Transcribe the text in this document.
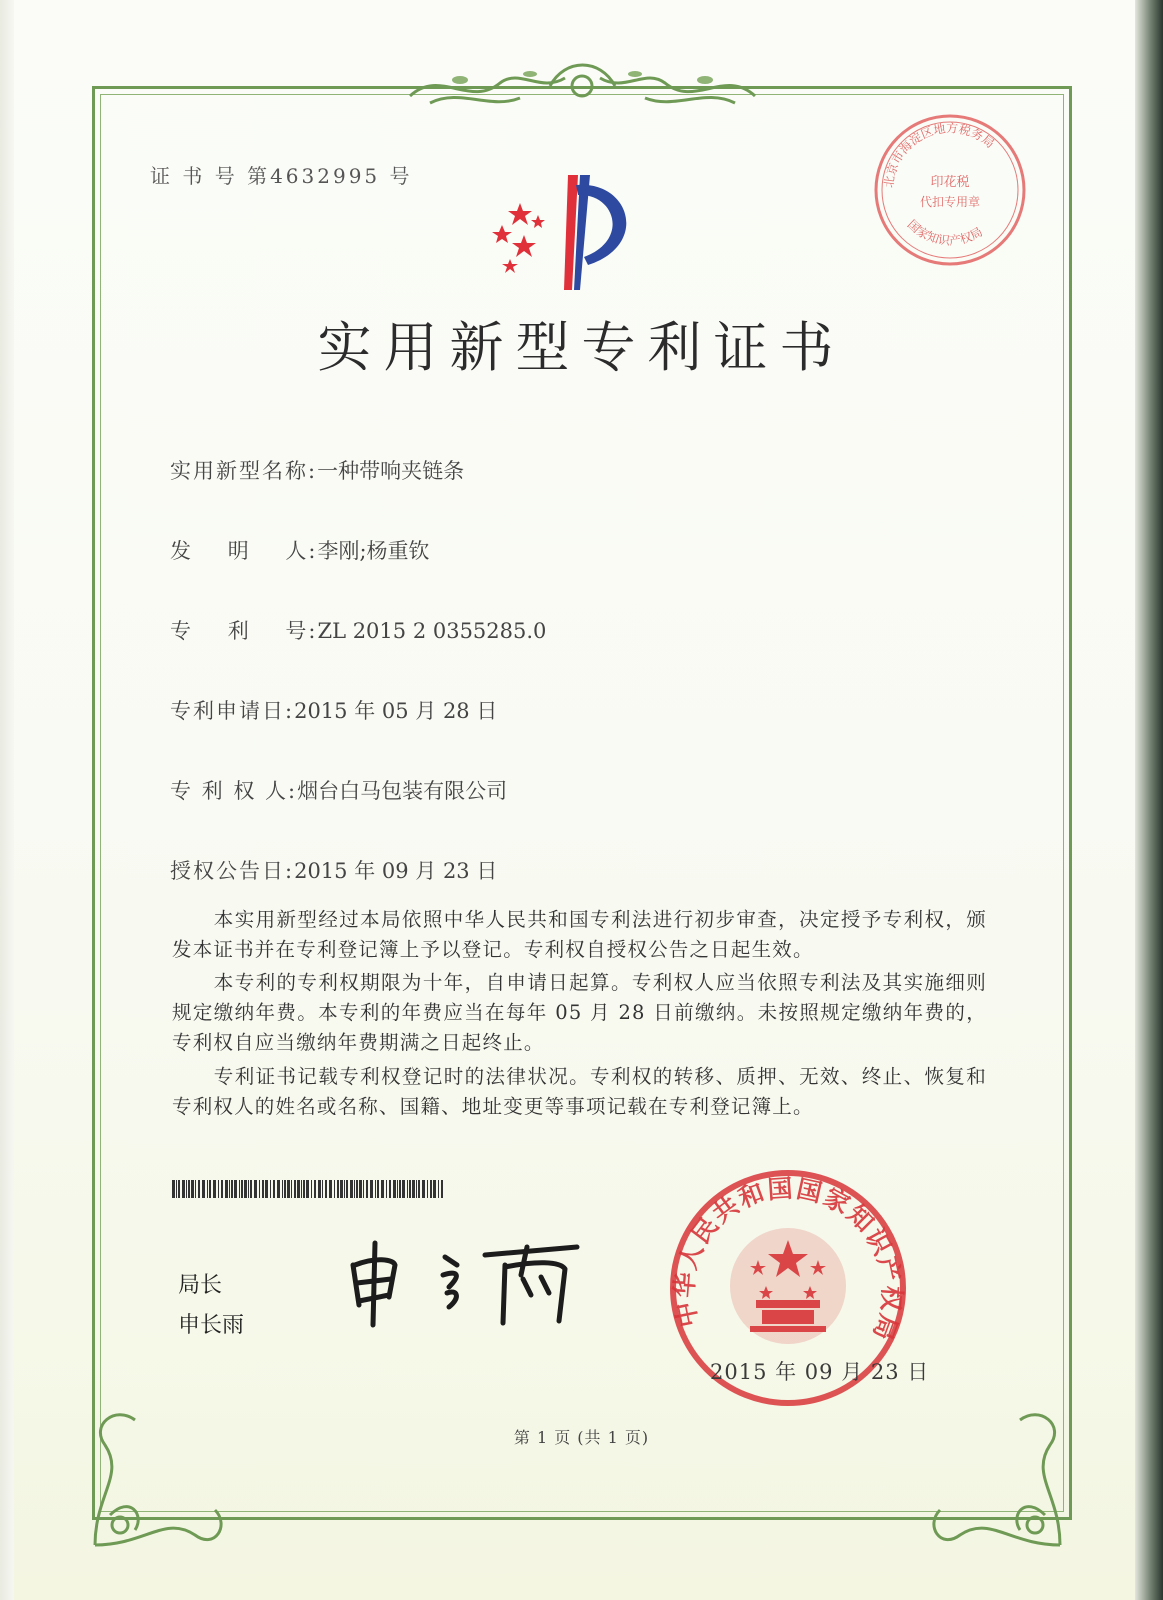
证 书 号 第4632995 号	北京市海淀区地方税务局
国家知识产权局
印花税
代扣专用章
实用新型专利证书
实用新型名称:一种带响夹链条
发    明    人:李刚;杨重钦
专    利    号:ZL 2015 2 0355285.0
专利申请日:2015 年 05 月 28 日
专 利 权 人:烟台白马包装有限公司
授权公告日:2015 年 09 月 23 日
　　本实用新型经过本局依照中华人民共和国专利法进行初步审查，决定授予专利权，颁发本证书并在专利登记簿上予以登记。专利权自授权公告之日起生效。
　　本专利的专利权期限为十年，自申请日起算。专利权人应当依照专利法及其实施细则规定缴纳年费。本专利的年费应当在每年 05 月 28 日前缴纳。未按照规定缴纳年费的，专利权自应当缴纳年费期满之日起终止。
　　专利证书记载专利权登记时的法律状况。专利权的转移、质押、无效、终止、恢复和专利权人的姓名或名称、国籍、地址变更等事项记载在专利登记簿上。
局长
申长雨	中华人民共和国国家知识产权局
2015 年 09 月 23 日
第 1 页 (共 1 页)
